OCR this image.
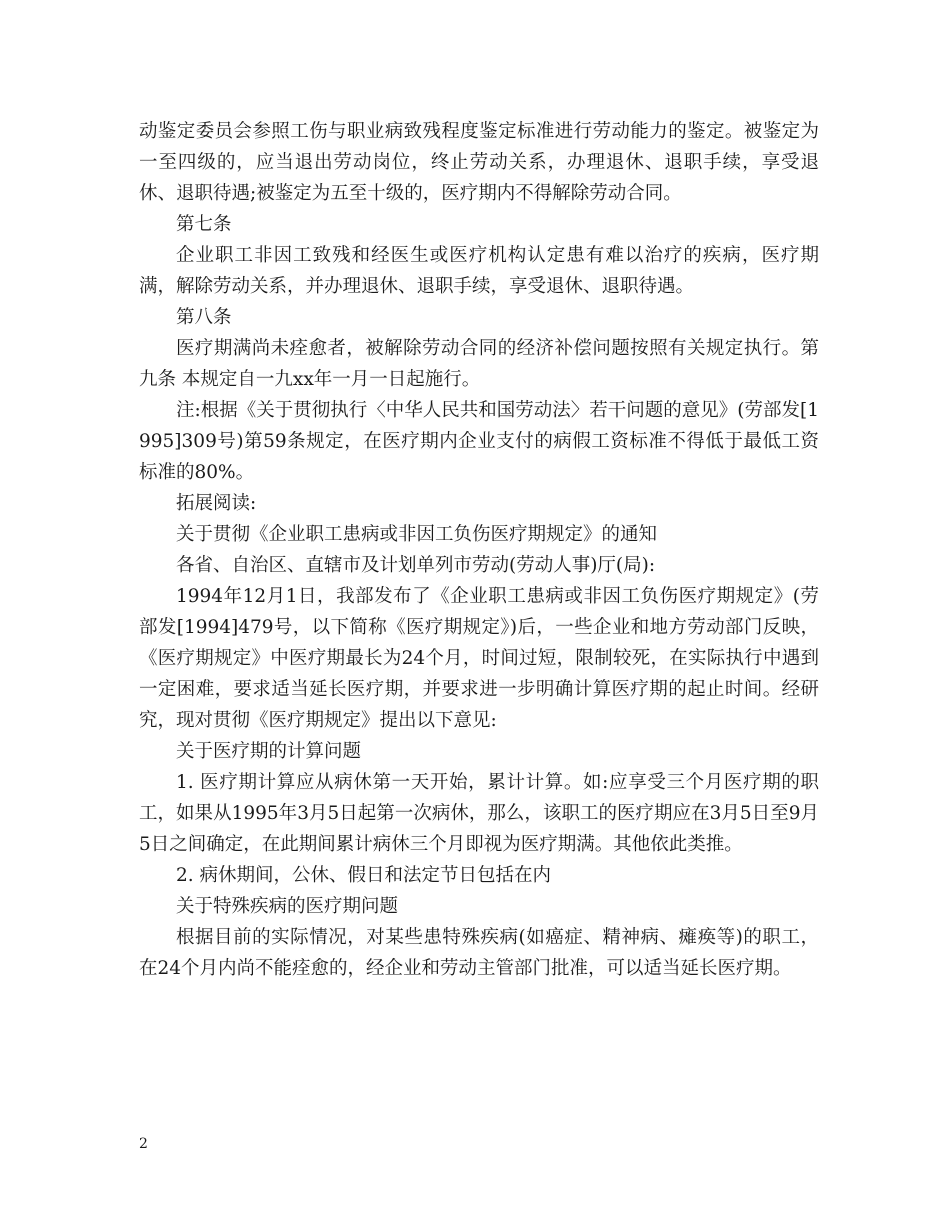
动鉴定委员会参照工伤与职业病致残程度鉴定标准进行劳动能力的鉴定。被鉴定为一至四级的，应当退出劳动岗位，终止劳动关系，办理退休、退职手续，享受退休、退职待遇;被鉴定为五至十级的，医疗期内不得解除劳动合同。

第七条

企业职工非因工致残和经医生或医疗机构认定患有难以治疗的疾病，医疗期满，解除劳动关系，并办理退休、退职手续，享受退休、退职待遇。

第八条

医疗期满尚未痊愈者，被解除劳动合同的经济补偿问题按照有关规定执行。第九条 本规定自一九xx年一月一日起施行。

注:根据《关于贯彻执行〈中华人民共和国劳动法〉若干问题的意见》(劳部发[1995]309号)第59条规定，在医疗期内企业支付的病假工资标准不得低于最低工资标准的80%。

拓展阅读:

关于贯彻《企业职工患病或非因工负伤医疗期规定》的通知

各省、自治区、直辖市及计划单列市劳动(劳动人事)厅(局):

1994年12月1日，我部发布了《企业职工患病或非因工负伤医疗期规定》(劳部发[1994]479号，以下简称《医疗期规定》)后，一些企业和地方劳动部门反映，《医疗期规定》中医疗期最长为24个月，时间过短，限制较死，在实际执行中遇到一定困难，要求适当延长医疗期，并要求进一步明确计算医疗期的起止时间。经研究，现对贯彻《医疗期规定》提出以下意见:

关于医疗期的计算问题

1. 医疗期计算应从病休第一天开始，累计计算。如:应享受三个月医疗期的职工，如果从1995年3月5日起第一次病休，那么，该职工的医疗期应在3月5日至9月5日之间确定，在此期间累计病休三个月即视为医疗期满。其他依此类推。

2. 病休期间，公休、假日和法定节日包括在内

关于特殊疾病的医疗期问题

根据目前的实际情况，对某些患特殊疾病(如癌症、精神病、瘫痪等)的职工，在24个月内尚不能痊愈的，经企业和劳动主管部门批准，可以适当延长医疗期。

2
